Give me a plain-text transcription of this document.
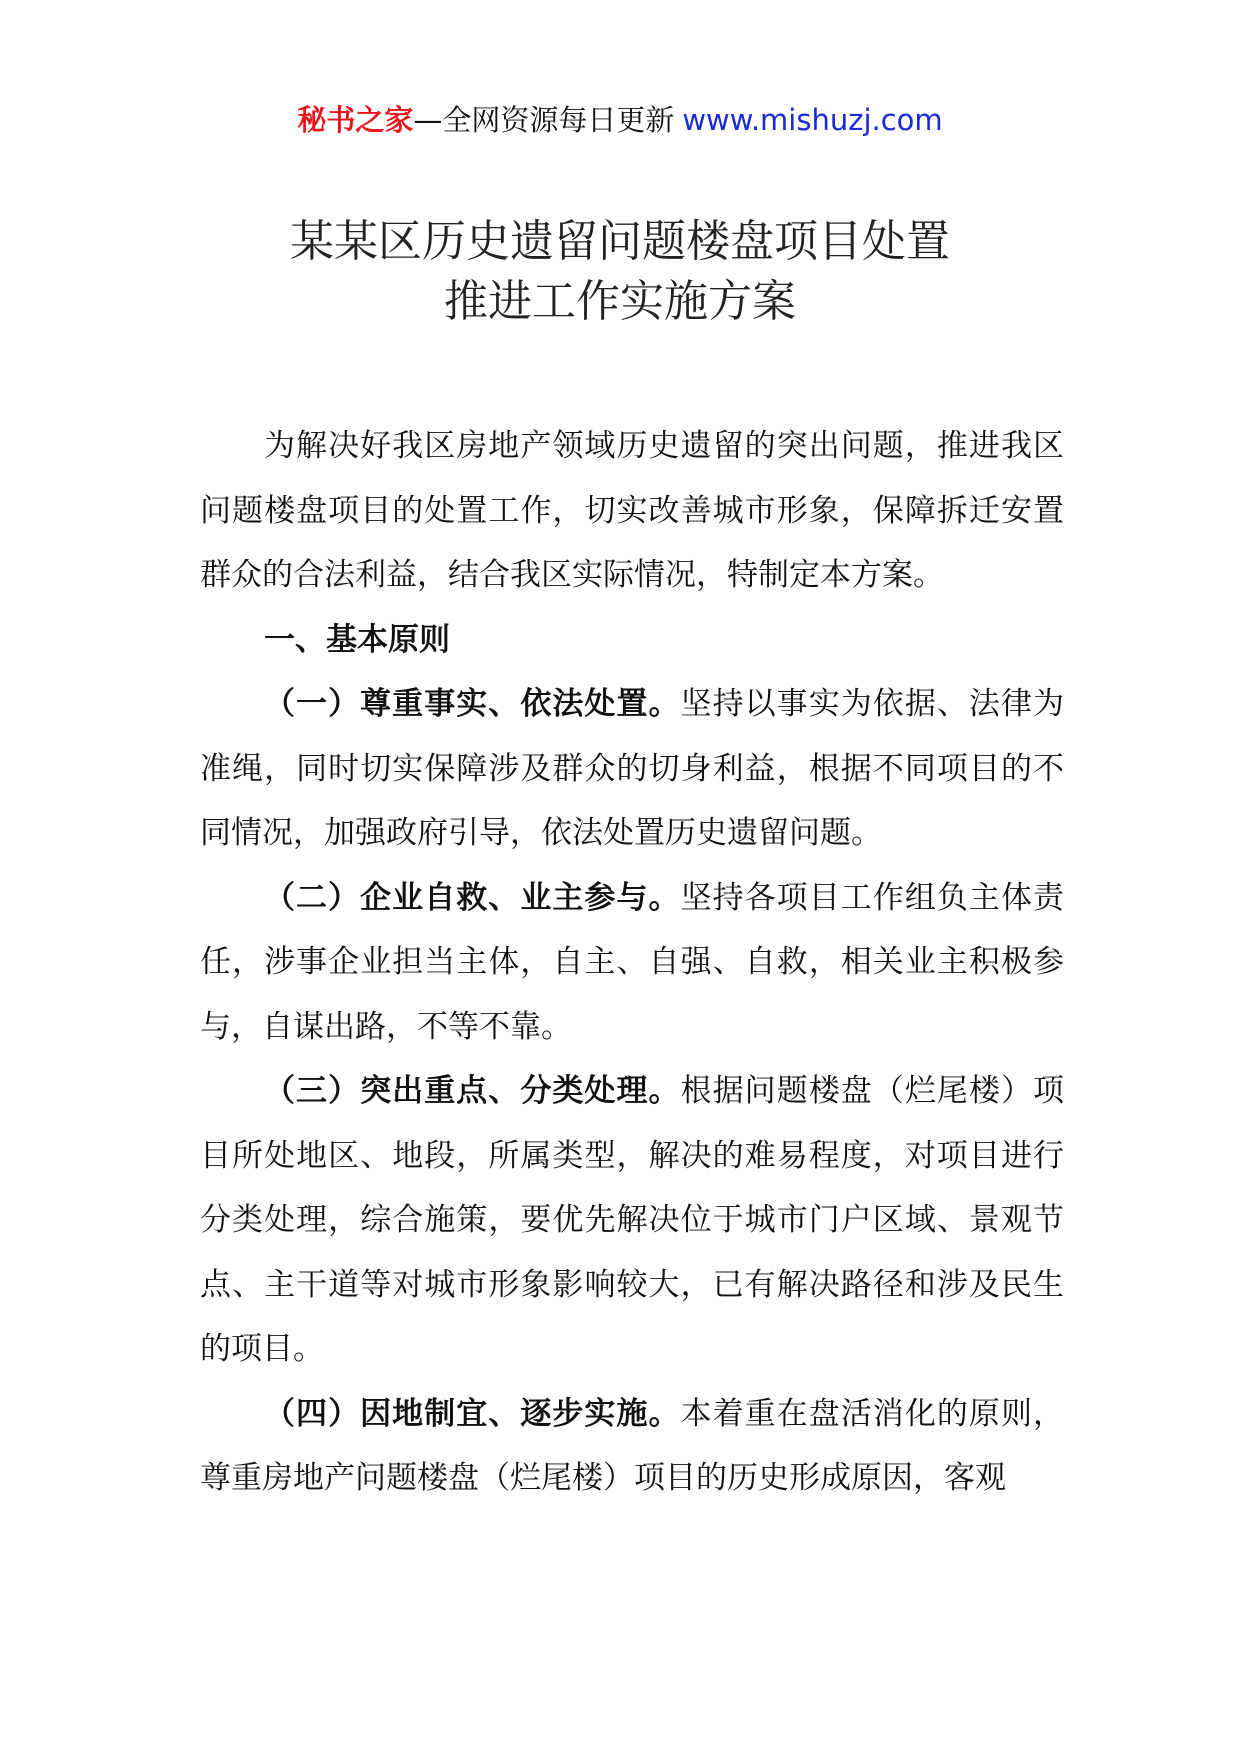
秘书之家—全网资源每日更新 www.mishuzj.com
某某区历史遗留问题楼盘项目处置
推进工作实施方案

为解决好我区房地产领域历史遗留的突出问题，推进我区问题楼盘项目的处置工作，切实改善城市形象，保障拆迁安置群众的合法利益，结合我区实际情况，特制定本方案。

一、基本原则

（一）尊重事实、依法处置。坚持以事实为依据、法律为准绳，同时切实保障涉及群众的切身利益，根据不同项目的不同情况，加强政府引导，依法处置历史遗留问题。

（二）企业自救、业主参与。坚持各项目工作组负主体责任，涉事企业担当主体，自主、自强、自救，相关业主积极参与，自谋出路，不等不靠。

（三）突出重点、分类处理。根据问题楼盘（烂尾楼）项目所处地区、地段，所属类型，解决的难易程度，对项目进行分类处理，综合施策，要优先解决位于城市门户区域、景观节点、主干道等对城市形象影响较大，已有解决路径和涉及民生的项目。

（四）因地制宜、逐步实施。本着重在盘活消化的原则，尊重房地产问题楼盘（烂尾楼）项目的历史形成原因，客观
